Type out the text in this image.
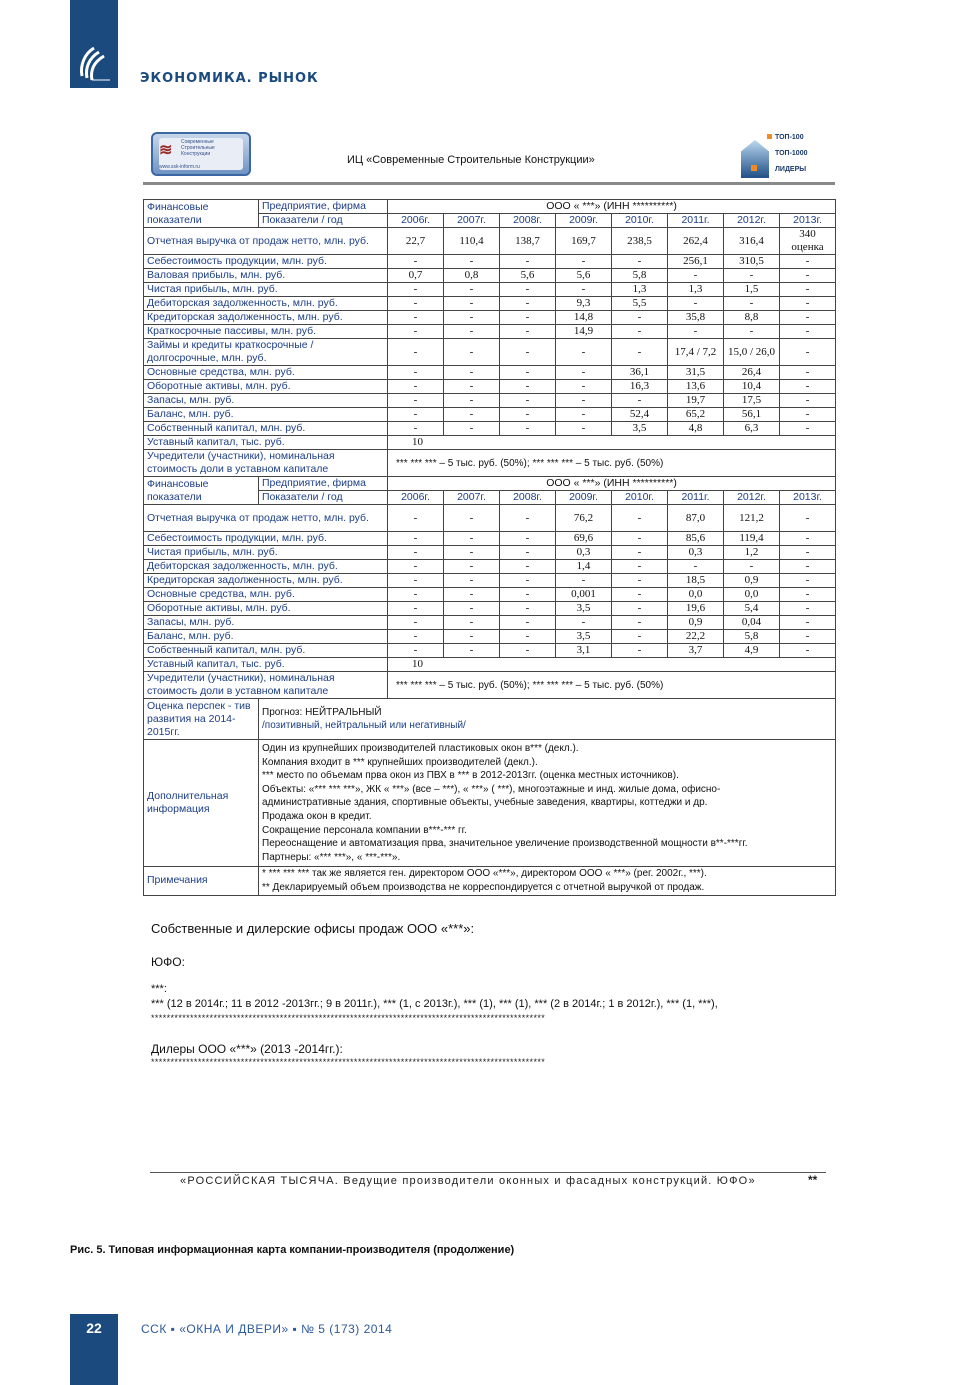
ЭКОНОМИКА. РЫНОК
≋ Современные
Строительные
Конструкции
www.ssk-inform.ru
ИЦ «Современные Строительные Конструкции»
ТОП-100
ТОП-1000
ЛИДЕРЫ
Финансовые показатели	Предприятие, фирма	ООО « ***» (ИНН **********)							
	Показатели / год	2006г.	2007г.	2008г.	2009г.	2010г.	2011г.	2012г.	2013г.
Отчетная выручка от продаж нетто, млн. руб.		22,7	110,4	138,7	169,7	238,5	262,4	316,4	340 оценка
Себестоимость продукции, млн. руб.		-	-	-	-	-	256,1	310,5	-
Валовая прибыль, млн. руб.		0,7	0,8	5,6	5,6	5,8	-	-	-
Чистая прибыль, млн. руб.		-	-	-	-	1,3	1,3	1,5	-
Дебиторская задолженность, млн. руб.		-	-	-	9,3	5,5	-	-	-
Кредиторская задолженность, млн. руб.		-	-	-	14,8	-	35,8	8,8	-
Краткосрочные пассивы, млн. руб.		-	-	-	14,9	-	-	-	-
Займы и кредиты краткосрочные / долгосрочные, млн. руб.		-	-	-	-	-	17,4 / 7,2	15,0 / 26,0	-
Основные средства, млн. руб.		-	-	-	-	36,1	31,5	26,4	-
Оборотные активы, млн. руб.		-	-	-	-	16,3	13,6	10,4	-
Запасы, млн. руб.		-	-	-	-	-	19,7	17,5	-
Баланс, млн. руб.		-	-	-	-	52,4	65,2	56,1	-
Собственный капитал, млн. руб.		-	-	-	-	3,5	4,8	6,3	-
Уставный капитал, тыс. руб.		10							
Учредители (участники), номинальная стоимость доли в уставном капитале		*** *** *** – 5 тыс. руб. (50%); *** *** *** – 5 тыс. руб. (50%)							
Финансовые показатели	Предприятие, фирма	ООО « ***» (ИНН **********)							
	Показатели / год	2006г.	2007г.	2008г.	2009г.	2010г.	2011г.	2012г.	2013г.
Отчетная выручка от продаж нетто, млн. руб.		-	-	-	76,2	-	87,0	121,2	-
Себестоимость продукции, млн. руб.		-	-	-	69,6	-	85,6	119,4	-
Чистая прибыль, млн. руб.		-	-	-	0,3	-	0,3	1,2	-
Дебиторская задолженность, млн. руб.		-	-	-	1,4	-	-	-	-
Кредиторская задолженность, млн. руб.		-	-	-	-	-	18,5	0,9	-
Основные средства, млн. руб.		-	-	-	0,001	-	0,0	0,0	-
Оборотные активы, млн. руб.		-	-	-	3,5	-	19,6	5,4	-
Запасы, млн. руб.		-	-	-	-	-	0,9	0,04	-
Баланс, млн. руб.		-	-	-	3,5	-	22,2	5,8	-
Собственный капитал, млн. руб.		-	-	-	3,1	-	3,7	4,9	-
Уставный капитал, тыс. руб.		10							
Учредители (участники), номинальная стоимость доли в уставном капитале		*** *** *** – 5 тыс. руб. (50%); *** *** *** – 5 тыс. руб. (50%)							
Оценка перспек - тив развития на 2014-2015гг.	Прогноз: НЕЙТРАЛЬНЫЙ
/позитивный, нейтральный или негативный/								

Дополнительная информация	
Один из крупнейших производителей пластиковых окон в*** (декл.).
Компания входит в *** крупнейших производителей (декл.).
*** место по объемам прва окон из ПВХ в *** в 2012-2013гг. (оценка местных источников).
Объекты: «*** *** ***», ЖК « ***» (все – ***), « ***» ( ***), многоэтажные и инд. жилые дома, офисно-
административные здания, спортивные объекты, учебные заведения, квартиры, коттеджи и др.
Продажа окон в кредит.
Сокращение персонала компании в***-*** гг.
Переоснащение и автоматизация прва, значительное увеличение производственной мощности в**-***гг.
Партнеры: «*** ***», « ***-***».

Примечания	* *** *** *** так же является ген. директором ООО «***», директором ООО « ***» (рег. 2002г., ***).
** Декларируемый объем производства не корреспондируется с отчетной выручкой от продаж.								
Собственные и дилерские офисы продаж ООО «***»:
ЮФО:
***:
*** (12 в 2014г.; 11 в 2012 -2013гг.; 9 в 2011г.), *** (1, с 2013г.), *** (1), *** (1), *** (2 в 2014г.; 1 в 2012г.), *** (1, ***),
*****************************************************************************************************
Дилеры ООО «***» (2013 -2014гг.):
*****************************************************************************************************
«РОССИЙСКАЯ ТЫСЯЧА. Ведущие производители оконных и фасадных конструкций. ЮФО»	**
Рис. 5. Типовая информационная карта компании-производителя (продолжение)
22	ССК ▪ «ОКНА И ДВЕРИ» ▪ № 5 (173) 2014
